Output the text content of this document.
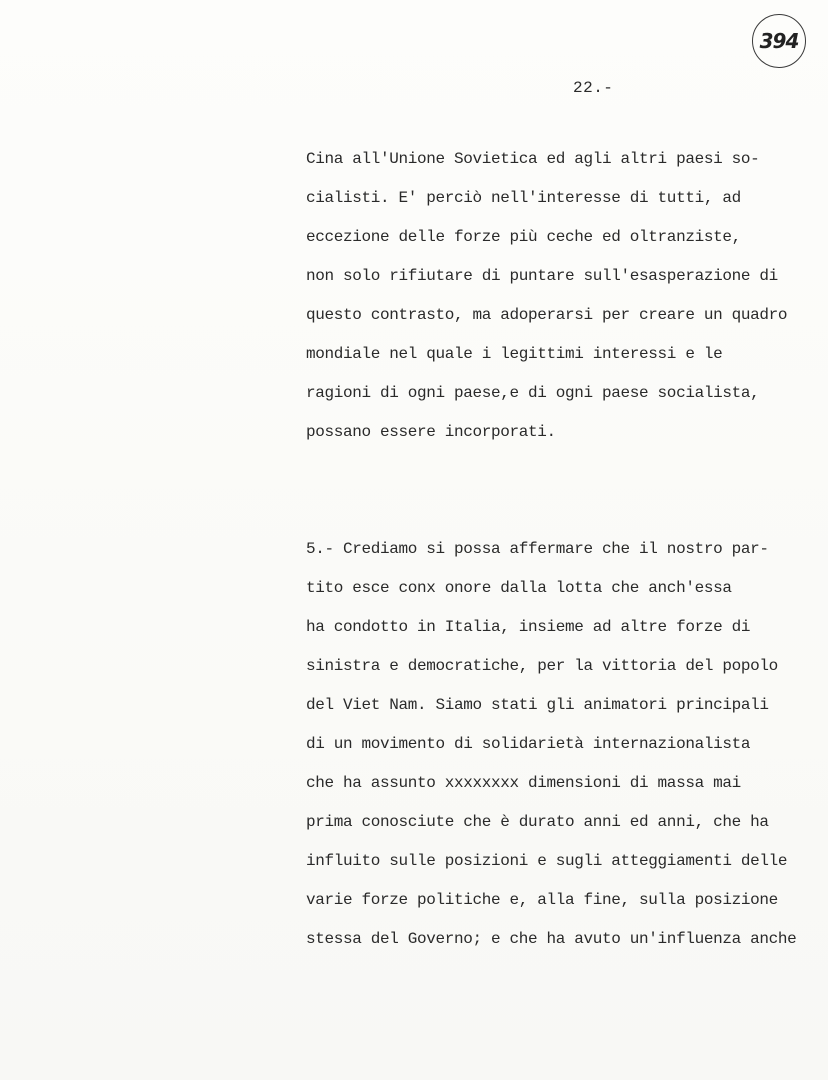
394
22.-
Cina all'Unione Sovietica ed agli altri paesi so-
cialisti. E' perciò nell'interesse di tutti, ad
eccezione delle forze più ceche ed oltranziste,
non solo rifiutare di puntare sull'esasperazione di
questo contrasto, ma adoperarsi per creare un quadro
mondiale nel quale i legittimi interessi e le
ragioni di ogni paese,e di ogni paese socialista,
possano essere incorporati.
5.- Crediamo si possa affermare che il nostro par-
tito esce conx onore dalla lotta che anch'essa
ha condotto in Italia, insieme ad altre forze di
sinistra e democratiche, per la vittoria del popolo
del Viet Nam. Siamo stati gli animatori principali
di un movimento di solidarietà internazionalista
che ha assunto xxxxxxxx dimensioni di massa mai
prima conosciute che è durato anni ed anni, che ha
influito sulle posizioni e sugli atteggiamenti delle
varie forze politiche e, alla fine, sulla posizione
stessa del Governo; e che ha avuto un'influenza anche
